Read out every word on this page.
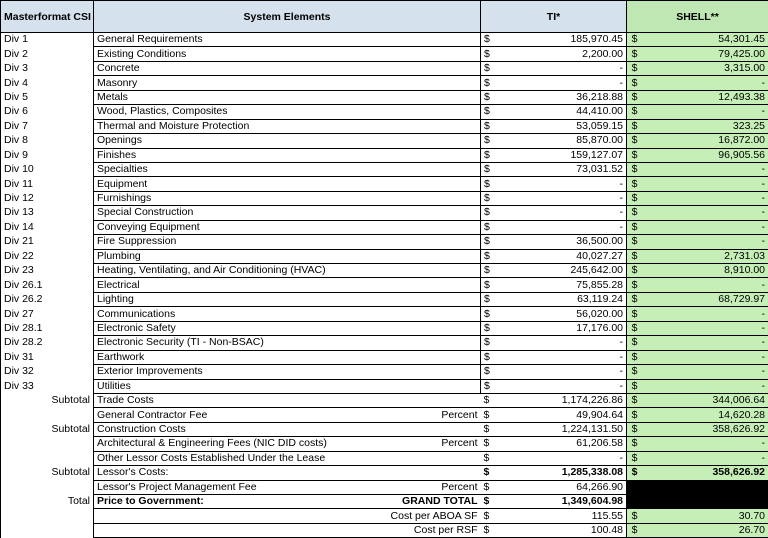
Masterformat CSI	System Elements		TI*		SHELL**	
Div 1	General Requirements		$	185,970.45	$	54,301.45
Div 2	Existing Conditions		$	2,200.00	$	79,425.00
Div 3	Concrete		$	-	$	3,315.00
Div 4	Masonry		$	-	$	-
Div 5	Metals		$	36,218.88	$	12,493.38
Div 6	Wood, Plastics, Composites		$	44,410.00	$	-
Div 7	Thermal and Moisture Protection		$	53,059.15	$	323.25
Div 8	Openings		$	85,870.00	$	16,872.00
Div 9	Finishes		$	159,127.07	$	96,905.56
Div 10	Specialties		$	73,031.52	$	-
Div 11	Equipment		$	-	$	-
Div 12	Furnishings		$	-	$	-
Div 13	Special Construction		$	-	$	-
Div 14	Conveying Equipment		$	-	$	-
Div 21	Fire Suppression		$	36,500.00	$	-
Div 22	Plumbing		$	40,027.27	$	2,731.03
Div 23	Heating, Ventilating, and Air Conditioning (HVAC)		$	245,642.00	$	8,910.00
Div 26.1	Electrical		$	75,855.28	$	-
Div 26.2	Lighting		$	63,119.24	$	68,729.97
Div 27	Communications		$	56,020.00	$	-
Div 28.1	Electronic Safety		$	17,176.00	$	-
Div 28.2	Electronic Security (TI - Non-BSAC)		$	-	$	-
Div 31	Earthwork		$	-	$	-
Div 32	Exterior Improvements		$	-	$	-
Div 33	Utilities		$	-	$	-
Subtotal	Trade Costs		$	1,174,226.86	$	344,006.64
	General Contractor Fee	Percent	$	49,904.64	$	14,620.28
Subtotal	Construction Costs		$	1,224,131.50	$	358,626.92
	Architectural & Engineering Fees (NIC DID costs)	Percent	$	61,206.58	$	-
	Other Lessor Costs Established Under the Lease		$	-	$	-
Subtotal	Lessor's Costs:		$	1,285,338.08	$	358,626.92
	Lessor's Project Management Fee	Percent	$	64,266.90		
Total	Price to Government:	GRAND TOTAL	$	1,349,604.98		
		Cost per ABOA SF	$	115.55	$	30.70
		Cost per RSF	$	100.48	$	26.70
